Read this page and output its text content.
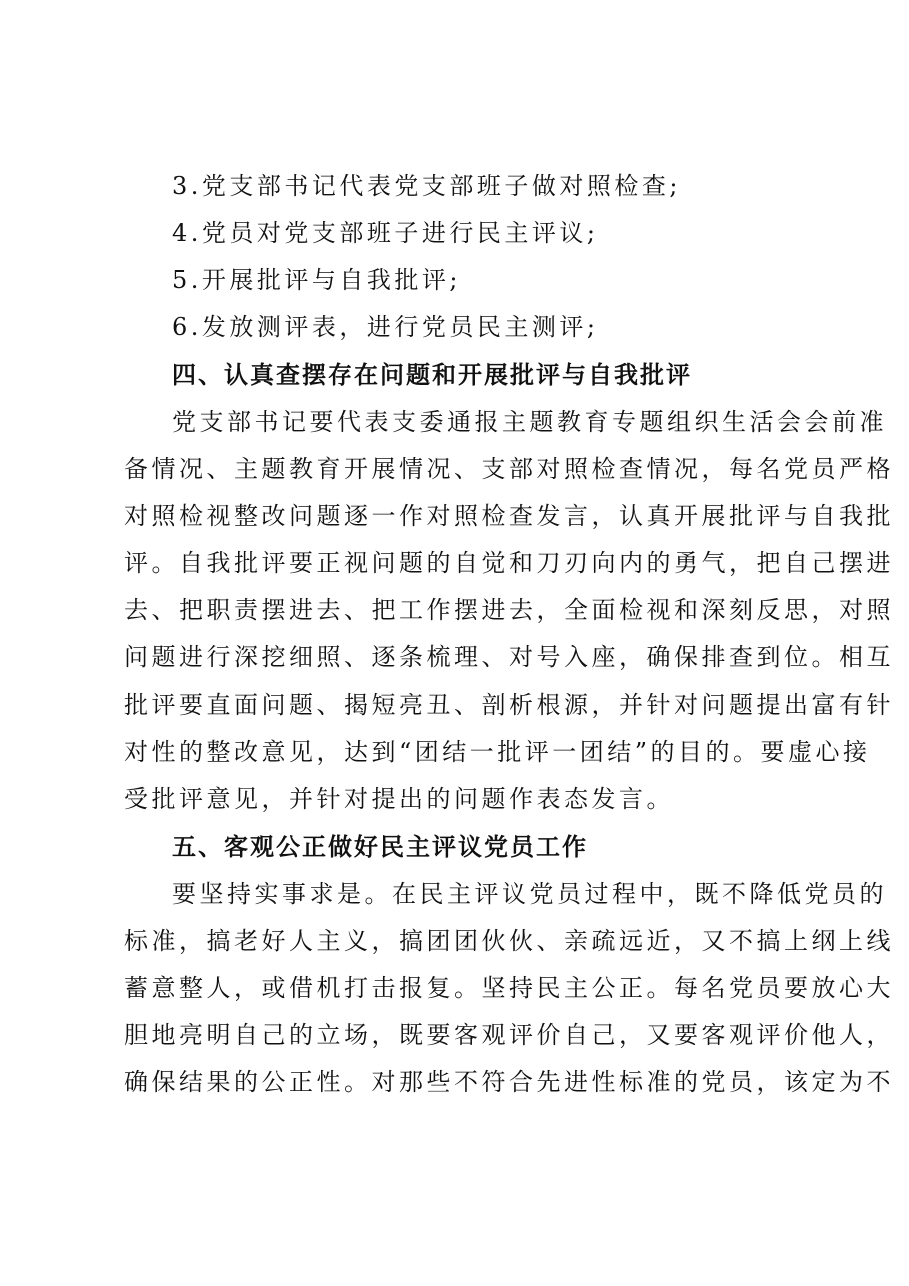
3.党支部书记代表党支部班子做对照检查;
4.党员对党支部班子进行民主评议;
5.开展批评与自我批评;
6.发放测评表，进行党员民主测评;
四、认真查摆存在问题和开展批评与自我批评
党支部书记要代表支委通报主题教育专题组织生活会会前准
备情况、主题教育开展情况、支部对照检查情况，每名党员严格
对照检视整改问题逐一作对照检查发言，认真开展批评与自我批
评。自我批评要正视问题的自觉和刀刃向内的勇气，把自己摆进
去、把职责摆进去、把工作摆进去，全面检视和深刻反思，对照
问题进行深挖细照、逐条梳理、对号入座，确保排查到位。相互
批评要直面问题、揭短亮丑、剖析根源，并针对问题提出富有针
对性的整改意见，达到“团结一批评一团结”的目的。要虚心接
受批评意见，并针对提出的问题作表态发言。
五、客观公正做好民主评议党员工作
要坚持实事求是。在民主评议党员过程中，既不降低党员的
标准，搞老好人主义，搞团团伙伙、亲疏远近，又不搞上纲上线
蓄意整人，或借机打击报复。坚持民主公正。每名党员要放心大
胆地亮明自己的立场，既要客观评价自己，又要客观评价他人，
确保结果的公正性。对那些不符合先进性标准的党员，该定为不
